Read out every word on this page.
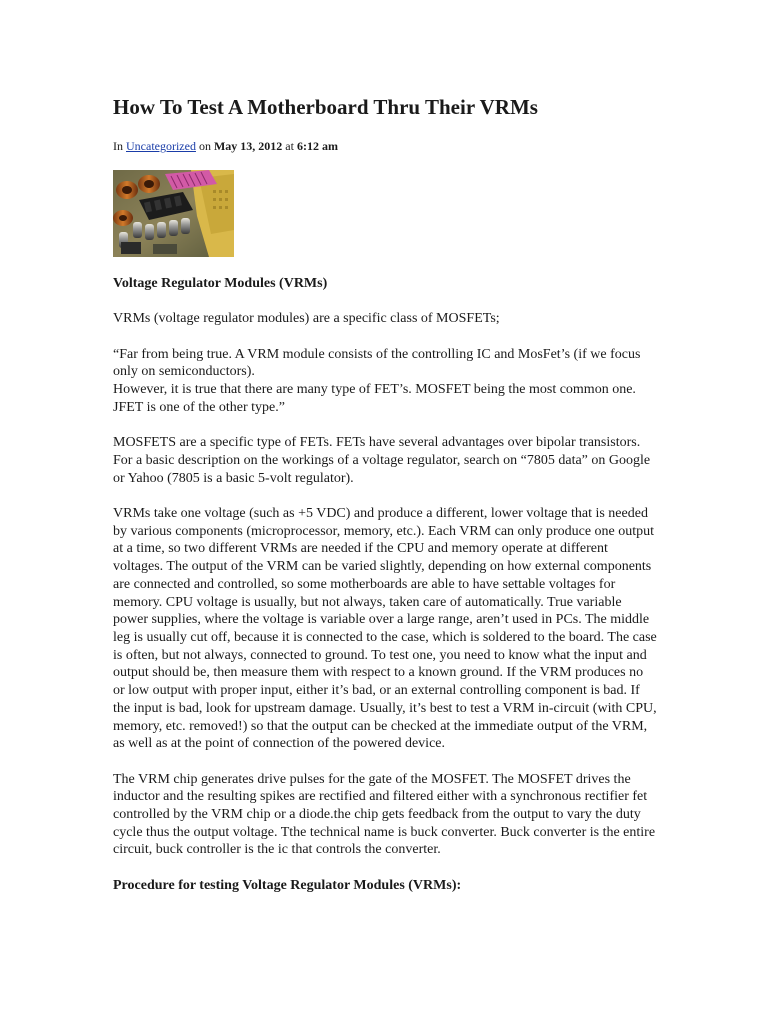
How To Test A Motherboard Thru Their VRMs
In Uncategorized on May 13, 2012 at 6:12 am

Voltage Regulator Modules (VRMs)

VRMs (voltage regulator modules) are a specific class of MOSFETs;

“Far from being true. A VRM module consists of the controlling IC and MosFet’s (if we focus only on semiconductors).
However, it is true that there are many type of FET’s. MOSFET being the most common one. JFET is one of the other type.”

MOSFETS are a specific type of FETs. FETs have several advantages over bipolar transistors. For a basic description on the workings of a voltage regulator, search on “7805 data” on Google or Yahoo (7805 is a basic 5-volt regulator).

VRMs take one voltage (such as +5 VDC) and produce a different, lower voltage that is needed by various components (microprocessor, memory, etc.). Each VRM can only produce one output at a time, so two different VRMs are needed if the CPU and memory operate at different voltages. The output of the VRM can be varied slightly, depending on how external components are connected and controlled, so some motherboards are able to have settable voltages for memory. CPU voltage is usually, but not always, taken care of automatically. True variable power supplies, where the voltage is variable over a large range, aren’t used in PCs. The middle leg is usually cut off, because it is connected to the case, which is soldered to the board. The case is often, but not always, connected to ground. To test one, you need to know what the input and output should be, then measure them with respect to a known ground. If the VRM produces no or low output with proper input, either it’s bad, or an external controlling component is bad. If the input is bad, look for upstream damage. Usually, it’s best to test a VRM in-circuit (with CPU, memory, etc. removed!) so that the output can be checked at the immediate output of the VRM, as well as at the point of connection of the powered device.

The VRM chip generates drive pulses for the gate of the MOSFET. The MOSFET drives the inductor and the resulting spikes are rectified and filtered either with a synchronous rectifier fet controlled by the VRM chip or a diode.the chip gets feedback from the output to vary the duty cycle thus the output voltage. Tthe technical name is buck converter. Buck converter is the entire circuit, buck controller is the ic that controls the converter.

Procedure for testing Voltage Regulator Modules (VRMs):
